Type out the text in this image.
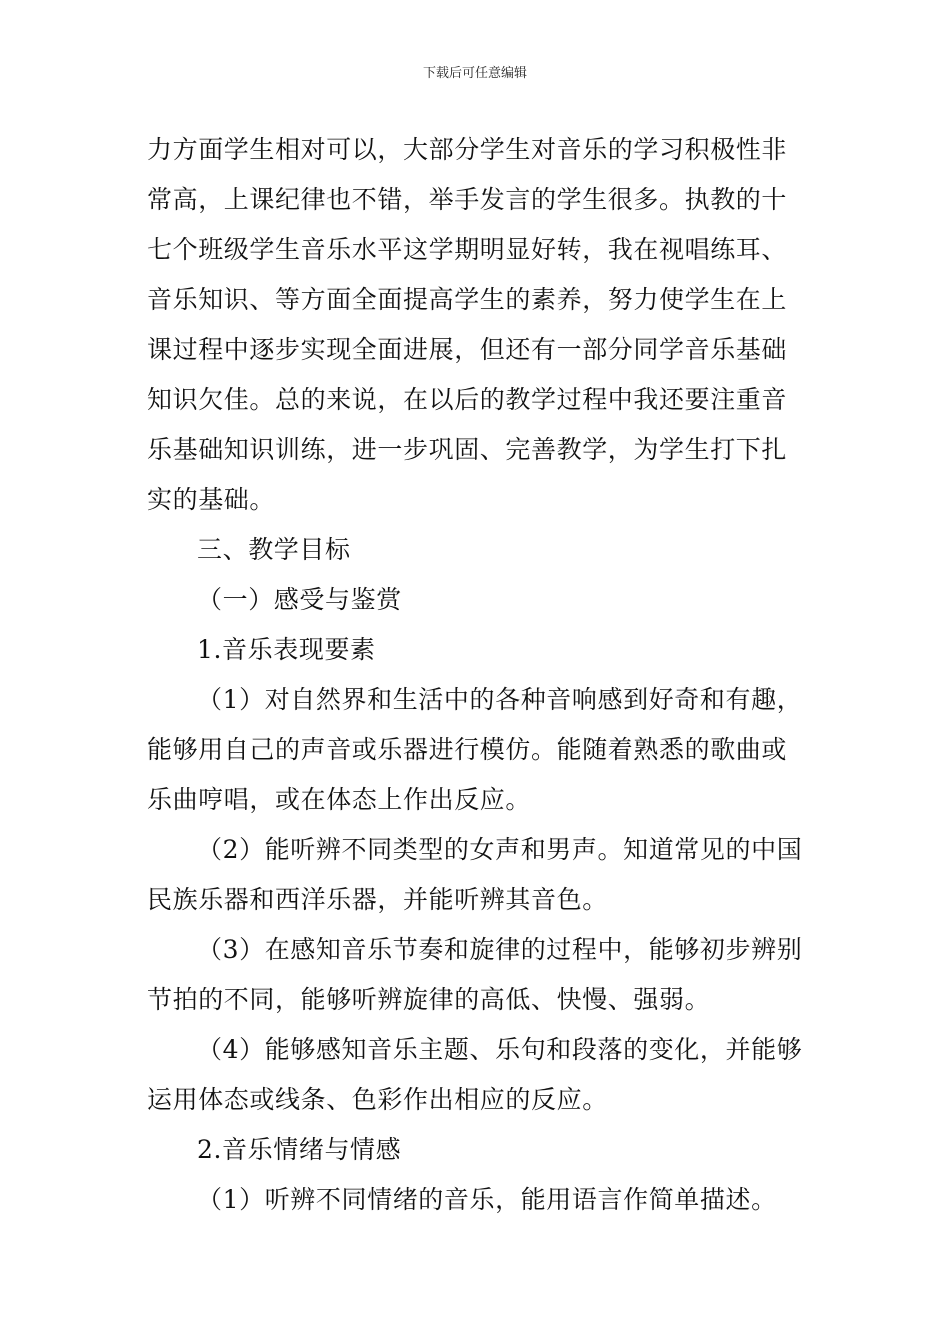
下载后可任意编辑
力方面学生相对可以，大部分学生对音乐的学习积极性非
常高，上课纪律也不错，举手发言的学生很多。执教的十
七个班级学生音乐水平这学期明显好转，我在视唱练耳、
音乐知识、等方面全面提高学生的素养，努力使学生在上
课过程中逐步实现全面进展，但还有一部分同学音乐基础
知识欠佳。总的来说，在以后的教学过程中我还要注重音
乐基础知识训练，进一步巩固、完善教学，为学生打下扎
实的基础。
三、教学目标
（一）感受与鉴赏
1.音乐表现要素
（1）对自然界和生活中的各种音响感到好奇和有趣，
能够用自己的声音或乐器进行模仿。能随着熟悉的歌曲或
乐曲哼唱，或在体态上作出反应。
（2）能听辨不同类型的女声和男声。知道常见的中国
民族乐器和西洋乐器，并能听辨其音色。
（3）在感知音乐节奏和旋律的过程中，能够初步辨别
节拍的不同，能够听辨旋律的高低、快慢、强弱。
（4）能够感知音乐主题、乐句和段落的变化，并能够
运用体态或线条、色彩作出相应的反应。
2.音乐情绪与情感
（1）听辨不同情绪的音乐，能用语言作简单描述。
